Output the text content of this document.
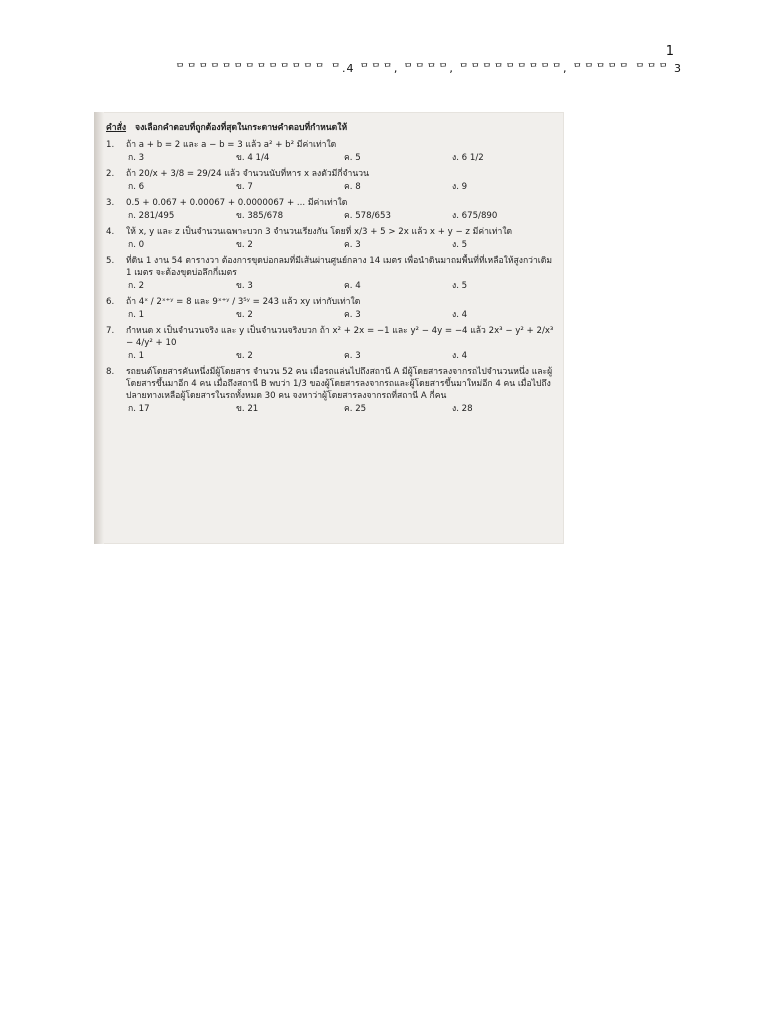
1
ᄆᄆᄆᄆᄆᄆᄆᄆᄆᄆᄆᄆᄆ ᄆ.4 ᄆᄆᄆ, ᄆᄆᄆᄆ, ᄆᄆᄆᄆᄆᄆᄆᄆᄆ, ᄆᄆᄆᄆᄆ ᄆᄆᄆ 3
คำสั่ง จงเลือกคำตอบที่ถูกต้องที่สุดในกระดาษคำตอบที่กำหนดให้
1.	ถ้า a + b = 2 และ a − b = 3 แล้ว a² + b² มีค่าเท่าใด
ก. 3	ข. 4 1/4	ค. 5	ง. 6 1/2
2.	ถ้า 20/x + 3/8 = 29/24 แล้ว จำนวนนับที่หาร x ลงตัวมีกี่จำนวน
ก. 6	ข. 7	ค. 8	ง. 9
3.	0.5 + 0.067 + 0.00067 + 0.0000067 + ... มีค่าเท่าใด
ก. 281/495	ข. 385/678	ค. 578/653	ง. 675/890
4.	ให้ x, y และ z เป็นจำนวนเฉพาะบวก 3 จำนวนเรียงกัน โดยที่ x/3 + 5 > 2x แล้ว x + y − z มีค่าเท่าใด
ก. 0	ข. 2	ค. 3	ง. 5
5.	ที่ดิน 1 งาน 54 ตารางวา ต้องการขุดบ่อกลมที่มีเส้นผ่านศูนย์กลาง 14 เมตร เพื่อนำดินมาถมพื้นที่ที่เหลือให้สูงกว่าเดิม 1 เมตร จะต้องขุดบ่อลึกกี่เมตร
ก. 2	ข. 3	ค. 4	ง. 5
6.	ถ้า 4ˣ / 2ˣ⁺ʸ = 8 และ 9ˣ⁺ʸ / 3⁵ʸ = 243 แล้ว xy เท่ากับเท่าใด
ก. 1	ข. 2	ค. 3	ง. 4
7.	กำหนด x เป็นจำนวนจริง และ y เป็นจำนวนจริงบวก ถ้า x² + 2x = −1 และ y² − 4y = −4 แล้ว 2x³ − y² + 2/x³ − 4/y² + 10
ก. 1	ข. 2	ค. 3	ง. 4
8.	รถยนต์โดยสารคันหนึ่งมีผู้โดยสาร จำนวน 52 คน เมื่อรถแล่นไปถึงสถานี A มีผู้โดยสารลงจากรถไปจำนวนหนึ่ง และผู้โดยสารขึ้นมาอีก 4 คน เมื่อถึงสถานี B พบว่า 1/3 ของผู้โดยสารลงจากรถและผู้โดยสารขึ้นมาใหม่อีก 4 คน เมื่อไปถึงปลายทางเหลือผู้โดยสารในรถทั้งหมด 30 คน จงหาว่าผู้โดยสารลงจากรถที่สถานี A กี่คน
ก. 17	ข. 21	ค. 25	ง. 28
